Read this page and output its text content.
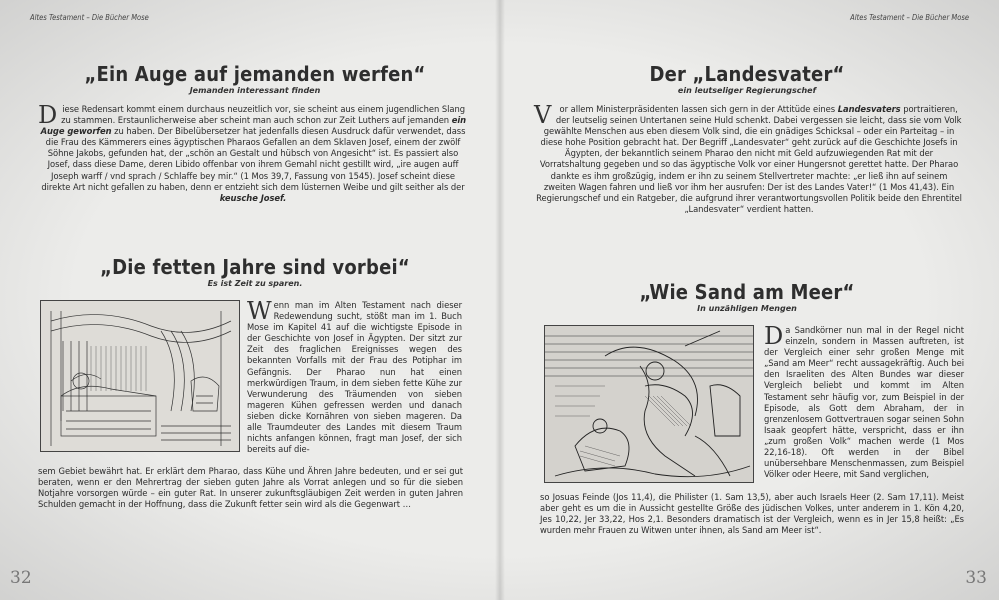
Altes Testament – Die Bücher Mose
„Ein Auge auf jemanden werfen“
Jemanden interessant finden
Diese Redensart kommt einem durchaus neuzeitlich vor, sie scheint aus einem jugendlichen Slang zu stammen. Erstaunlicherweise aber scheint man auch schon zur Zeit Luthers auf jemanden ein Auge geworfen zu haben. Der Bibelübersetzer hat jedenfalls diesen Ausdruck dafür verwendet, dass die Frau des Kämmerers eines ägyptischen Pharaos Gefallen an dem Sklaven Josef, einem der zwölf Söhne Jakobs, gefunden hat, der „schön an Gestalt und hübsch von Angesicht“ ist. Es passiert also Josef, dass diese Dame, deren Libido offenbar von ihrem Gemahl nicht gestillt wird, „ire augen auff Joseph warff / vnd sprach / Schlaffe bey mir.“ (1 Mos 39,7, Fassung von 1545). Josef scheint diese direkte Art nicht gefallen zu haben, denn er entzieht sich dem lüsternen Weibe und gilt seither als der keusche Josef.
„Die fetten Jahre sind vorbei“
Es ist Zeit zu sparen.
Wenn man im Alten Testament nach dieser Redewendung sucht, stößt man im 1. Buch Mose im Kapitel 41 auf die wichtigste Episode in der Geschichte von Josef in Ägypten. Der sitzt zur Zeit des fraglichen Ereignisses wegen des bekannten Vorfalls mit der Frau des Potiphar im Gefängnis. Der Pharao nun hat einen merkwürdigen Traum, in dem sieben fette Kühe zur Verwunderung des Träumenden von sieben mageren Kühen gefressen werden und danach sieben dicke Kornähren von sieben mageren. Da alle Traumdeuter des Landes mit diesem Traum nichts anfangen können, fragt man Josef, der sich bereits auf die-
sem Gebiet bewährt hat. Er erklärt dem Pharao, dass Kühe und Ähren Jahre bedeuten, und er sei gut beraten, wenn er den Mehrertrag der sieben guten Jahre als Vorrat anlegen und so für die sieben Notjahre vorsorgen würde – ein guter Rat. In unserer zukunftsgläubigen Zeit werden in guten Jahren Schulden gemacht in der Hoffnung, dass die Zukunft fetter sein wird als die Gegenwart …
32
Altes Testament – Die Bücher Mose
Der „Landesvater“
ein leutseliger Regierungschef
Vor allem Ministerpräsidenten lassen sich gern in der Attitüde eines Landesvaters portraitieren, der leutselig seinen Untertanen seine Huld schenkt. Dabei vergessen sie leicht, dass sie vom Volk gewählte Menschen aus eben diesem Volk sind, die ein gnädiges Schicksal – oder ein Parteitag – in diese hohe Position gebracht hat. Der Begriff „Landesvater“ geht zurück auf die Geschichte Josefs in Ägypten, der bekanntlich seinem Pharao den nicht mit Geld aufzuwiegenden Rat mit der Vorratshaltung gegeben und so das ägyptische Volk vor einer Hungersnot gerettet hatte. Der Pharao dankte es ihm großzügig, indem er ihn zu seinem Stellvertreter machte: „er ließ ihn auf seinem zweiten Wagen fahren und ließ vor ihm her ausrufen: Der ist des Landes Vater!“ (1 Mos 41,43). Ein Regierungschef und ein Ratgeber, die aufgrund ihrer verantwortungsvollen Politik beide den Ehrentitel „Landesvater“ verdient hatten.
„Wie Sand am Meer“
In unzähligen Mengen
Da Sandkörner nun mal in der Regel nicht einzeln, sondern in Massen auftreten, ist der Vergleich einer sehr großen Menge mit „Sand am Meer“ recht aussagekräftig. Auch bei den Israeliten des Alten Bundes war dieser Vergleich beliebt und kommt im Alten Testament sehr häufig vor, zum Beispiel in der Episode, als Gott dem Abraham, der in grenzenlosem Gottvertrauen sogar seinen Sohn Isaak geopfert hätte, verspricht, dass er ihn „zum großen Volk“ machen werde (1 Mos 22,16-18). Oft werden in der Bibel unübersehbare Menschenmassen, zum Beispiel Völker oder Heere, mit Sand verglichen,
so Josuas Feinde (Jos 11,4), die Philister (1. Sam 13,5), aber auch Israels Heer (2. Sam 17,11). Meist aber geht es um die in Aussicht gestellte Größe des jüdischen Volkes, unter anderem in 1. Kön 4,20, Jes 10,22, Jer 33,22, Hos 2,1. Besonders dramatisch ist der Vergleich, wenn es in Jer 15,8 heißt: „Es wurden mehr Frauen zu Witwen unter ihnen, als Sand am Meer ist“.
33
